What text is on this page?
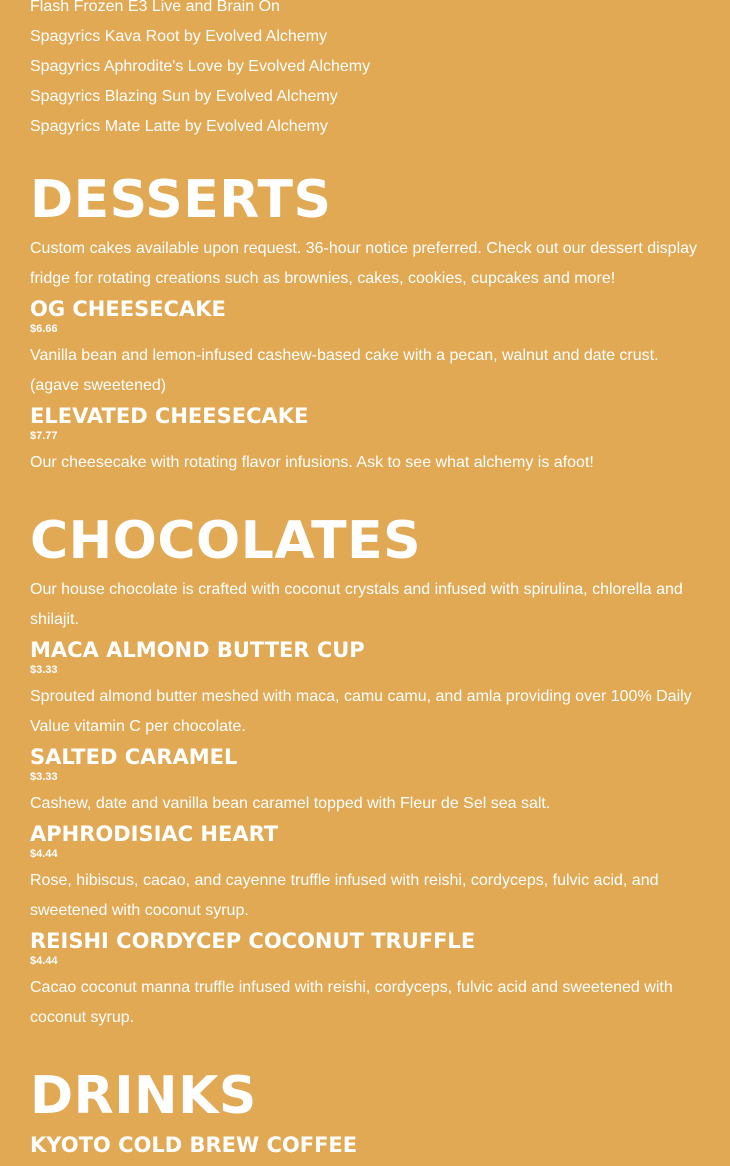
Flash Frozen E3 Live and Brain On
Spagyrics Kava Root by Evolved Alchemy
Spagyrics Aphrodite's Love by Evolved Alchemy
Spagyrics Blazing Sun by Evolved Alchemy
Spagyrics Mate Latte by Evolved Alchemy
DESSERTS

Custom cakes available upon request. 36-hour notice preferred. Check out our dessert display fridge for rotating creations such as brownies, cakes, cookies, cupcakes and more!

OG CHEESECAKE

$6.66

Vanilla bean and lemon-infused cashew-based cake with a pecan, walnut and date crust. (agave sweetened)

ELEVATED CHEESECAKE

$7.77

Our cheesecake with rotating flavor infusions. Ask to see what alchemy is afoot!

CHOCOLATES

Our house chocolate is crafted with coconut crystals and infused with spirulina, chlorella and shilajit.

MACA ALMOND BUTTER CUP

$3.33

Sprouted almond butter meshed with maca, camu camu, and amla providing over 100% Daily Value vitamin C per chocolate.

SALTED CARAMEL

$3.33

Cashew, date and vanilla bean caramel topped with Fleur de Sel sea salt.

APHRODISIAC HEART

$4.44

Rose, hibiscus, cacao, and cayenne truffle infused with reishi, cordyceps, fulvic acid, and sweetened with coconut syrup.

REISHI CORDYCEP COCONUT TRUFFLE

$4.44

Cacao coconut manna truffle infused with reishi, cordyceps, fulvic acid and sweetened with coconut syrup.

DRINKS
KYOTO COLD BREW COFFEE
